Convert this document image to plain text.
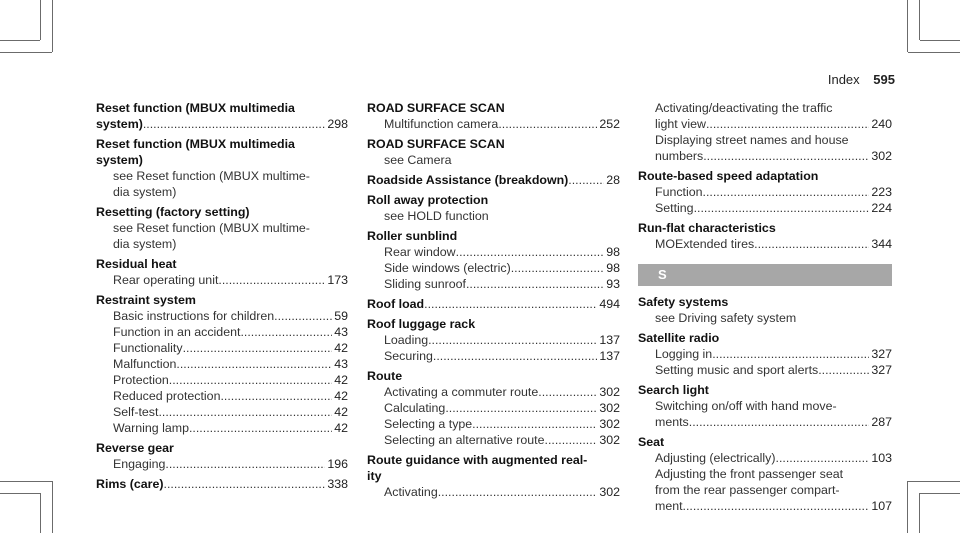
Index 595
Reset function (MBUX multimedia
system) .....	298
Reset function (MBUX multimedia
system)
see Reset function (MBUX multime-
dia system)
Resetting (factory setting)
see Reset function (MBUX multime-
dia system)
Residual heat
Rear operating unit .....	173
Restraint system
Basic instructions for children .....	59
Function in an accident .....	43
Functionality .....	42
Malfunction .....	43
Protection .....	42
Reduced protection .....	42
Self-test .....	42
Warning lamp .....	42
Reverse gear
Engaging .....	196
Rims (care) .....	338
ROAD SURFACE SCAN
Multifunction camera .....	252
ROAD SURFACE SCAN
see Camera
Roadside Assistance (breakdown) .....	28
Roll away protection
see HOLD function
Roller sunblind
Rear window .....	98
Side windows (electric) .....	98
Sliding sunroof .....	93
Roof load .....	494
Roof luggage rack
Loading .....	137
Securing .....	137
Route
Activating a commuter route .....	302
Calculating .....	302
Selecting a type .....	302
Selecting an alternative route .....	302
Route guidance with augmented real-
ity
Activating .....	302
Activating/deactivating the traffic
light view .....	240
Displaying street names and house
numbers .....	302
Route-based speed adaptation
Function .....	223
Setting .....	224
Run-flat characteristics
MOExtended tires .....	344
S
Safety systems
see Driving safety system
Satellite radio
Logging in .....	327
Setting music and sport alerts .....	327
Search light
Switching on/off with hand move-
ments .....	287
Seat
Adjusting (electrically) .....	103
Adjusting the front passenger seat
from the rear passenger compart-
ment .....	107
